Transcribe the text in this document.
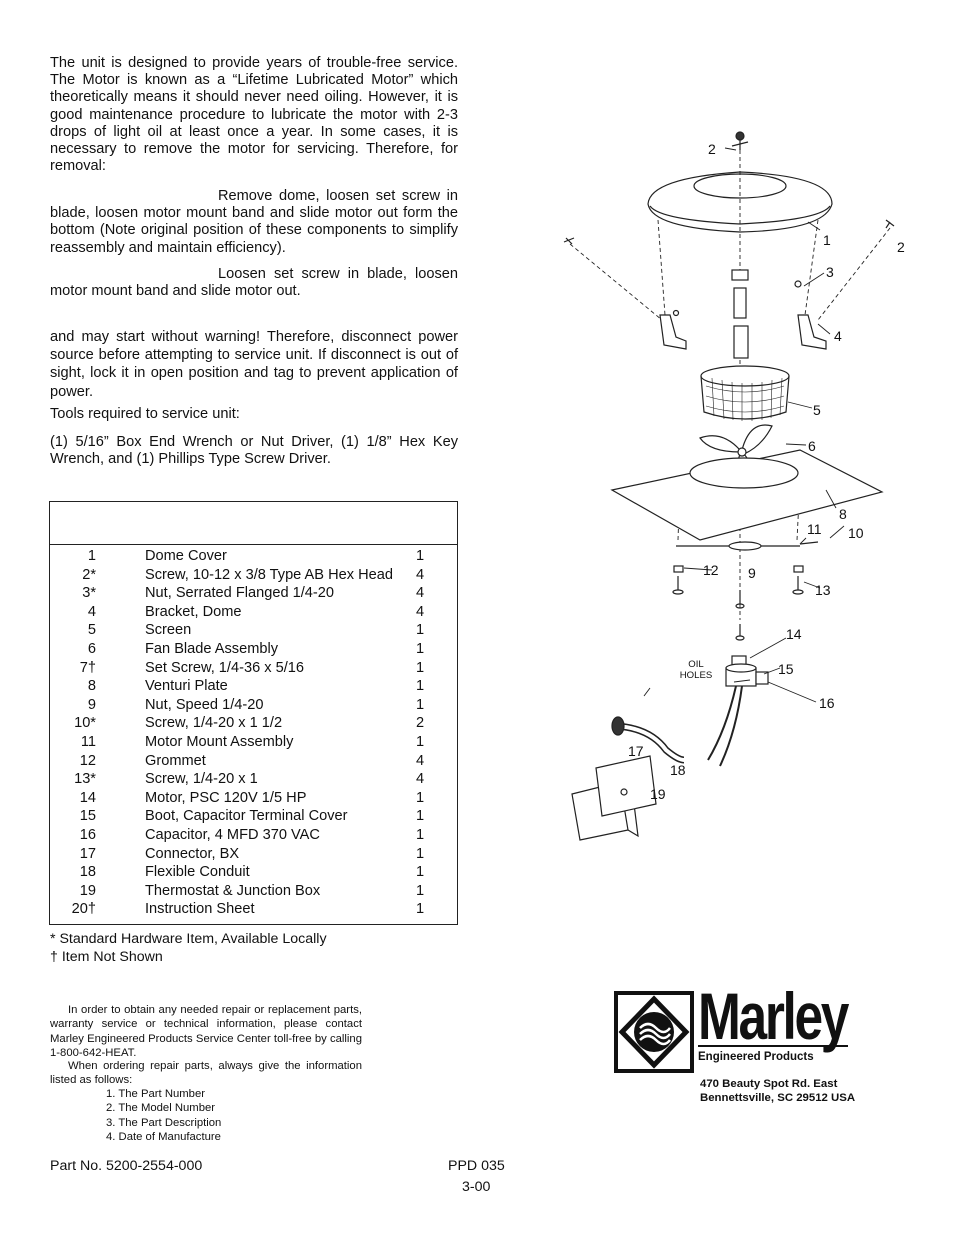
The unit is designed to provide years of trouble-free service. The Motor is known as a “Lifetime Lubricated Motor” which theoretically means it should never need oiling. However, it is good maintenance procedure to lubricate the motor with 2-3 drops of light oil at least once a year. In some cases, it is necessary to remove the motor for servicing. Therefore, for removal:

Remove dome, loosen set screw in blade, loosen motor mount band and slide motor out form the bottom (Note original position of these components to simplify reassembly and maintain efficiency).

Loosen set screw in blade, loosen motor mount band and slide motor out.

and may start without warning! Therefore, disconnect power source before attempting to service unit. If disconnect is out of sight, lock it in open position and tag to prevent application of power.

Tools required to service unit:

(1) 5/16” Box End Wrench or Nut Driver, (1) 1/8” Hex Key Wrench, and (1) Phillips Type Screw Driver.

1	Dome Cover	1
2*	Screw, 10-12 x 3/8 Type AB Hex Head	4
3*	Nut, Serrated Flanged 1/4-20	4
4	Bracket, Dome	4
5	Screen	1
6	Fan Blade Assembly	1
7†	Set Screw, 1/4-36 x 5/16	1
8	Venturi Plate	1
9	Nut, Speed 1/4-20	1
10*	Screw, 1/4-20 x 1 1/2	2
11	Motor Mount Assembly	1
12	Grommet	4
13*	Screw, 1/4-20 x 1	4
14	Motor, PSC 120V 1/5 HP	1
15	Boot, Capacitor Terminal Cover	1
16	Capacitor, 4 MFD 370 VAC	1
17	Connector, BX	1
18	Flexible Conduit	1
19	Thermostat & Junction Box	1
20†	Instruction Sheet	1
* Standard Hardware Item, Available Locally
† Item Not Shown

In order to obtain any needed repair or replacement parts, warranty service or technical information, please contact Marley Engineered Products Service Center toll-free by calling 1-800-642-HEAT.

When ordering repair parts, always give the information listed as follows:

1. The Part Number
2. The Model Number
3. The Part Description
4. Date of Manufacture
Part No. 5200-2554-000	PPD 035
3-00
Marley
Engineered Products
470 Beauty Spot Rd. East
Bennettsville, SC 29512 USA
2
1	2
3
4
5
6
8
11 10
12 9
13
14
15
16
17
18
19
OIL
HOLES
